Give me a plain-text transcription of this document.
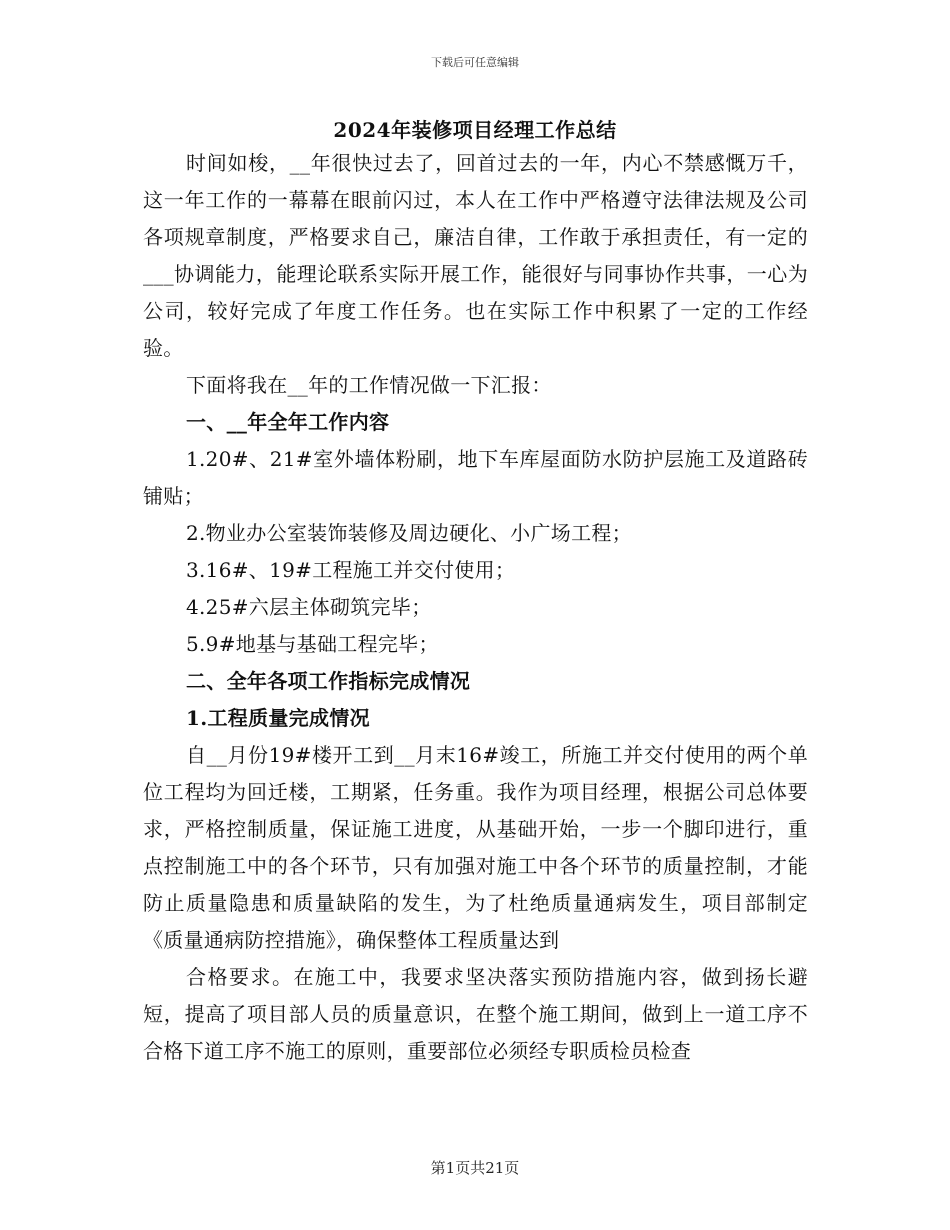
下载后可任意编辑
2024年装修项目经理工作总结

时间如梭，__年很快过去了，回首过去的一年，内心不禁感慨万千，这一年工作的一幕幕在眼前闪过，本人在工作中严格遵守法律法规及公司各项规章制度，严格要求自己，廉洁自律，工作敢于承担责任，有一定的___协调能力，能理论联系实际开展工作，能很好与同事协作共事，一心为公司，较好完成了年度工作任务。也在实际工作中积累了一定的工作经验。

下面将我在__年的工作情况做一下汇报：

一、__年全年工作内容

1.20#、21#室外墙体粉刷，地下车库屋面防水防护层施工及道路砖铺贴；

2.物业办公室装饰装修及周边硬化、小广场工程；

3.16#、19#工程施工并交付使用；

4.25#六层主体砌筑完毕；

5.9#地基与基础工程完毕；

二、全年各项工作指标完成情况

1.工程质量完成情况

自__月份19#楼开工到__月末16#竣工，所施工并交付使用的两个单位工程均为回迁楼，工期紧，任务重。我作为项目经理，根据公司总体要求，严格控制质量，保证施工进度，从基础开始，一步一个脚印进行，重点控制施工中的各个环节，只有加强对施工中各个环节的质量控制，才能防止质量隐患和质量缺陷的发生，为了杜绝质量通病发生，项目部制定《质量通病防控措施》，确保整体工程质量达到

合格要求。在施工中，我要求坚决落实预防措施内容，做到扬长避短，提高了项目部人员的质量意识，在整个施工期间，做到上一道工序不合格下道工序不施工的原则，重要部位必须经专职质检员检查

第1页共21页
